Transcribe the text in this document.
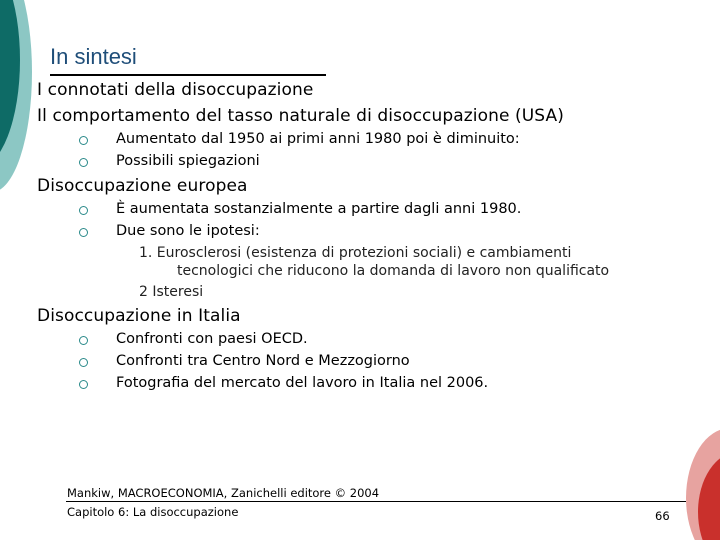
In sintesi
I connotati della disoccupazione
Il comportamento del tasso naturale di disoccupazione (USA)
Aumentato dal 1950 ai primi anni 1980 poi è diminuito:
Possibili spiegazioni
Disoccupazione europea
È aumentata sostanzialmente a partire dagli anni 1980.
Due sono le ipotesi:
1. Eurosclerosi (esistenza di protezioni sociali) e cambiamenti
tecnologici che riducono la domanda di lavoro non qualificato
2 Isteresi
Disoccupazione in Italia
Confronti con paesi OECD.
Confronti tra Centro Nord e Mezzogiorno
Fotografia del mercato del lavoro in Italia nel 2006.
Mankiw, MACROECONOMIA, Zanichelli editore © 2004
Capitolo 6: La disoccupazione	66
